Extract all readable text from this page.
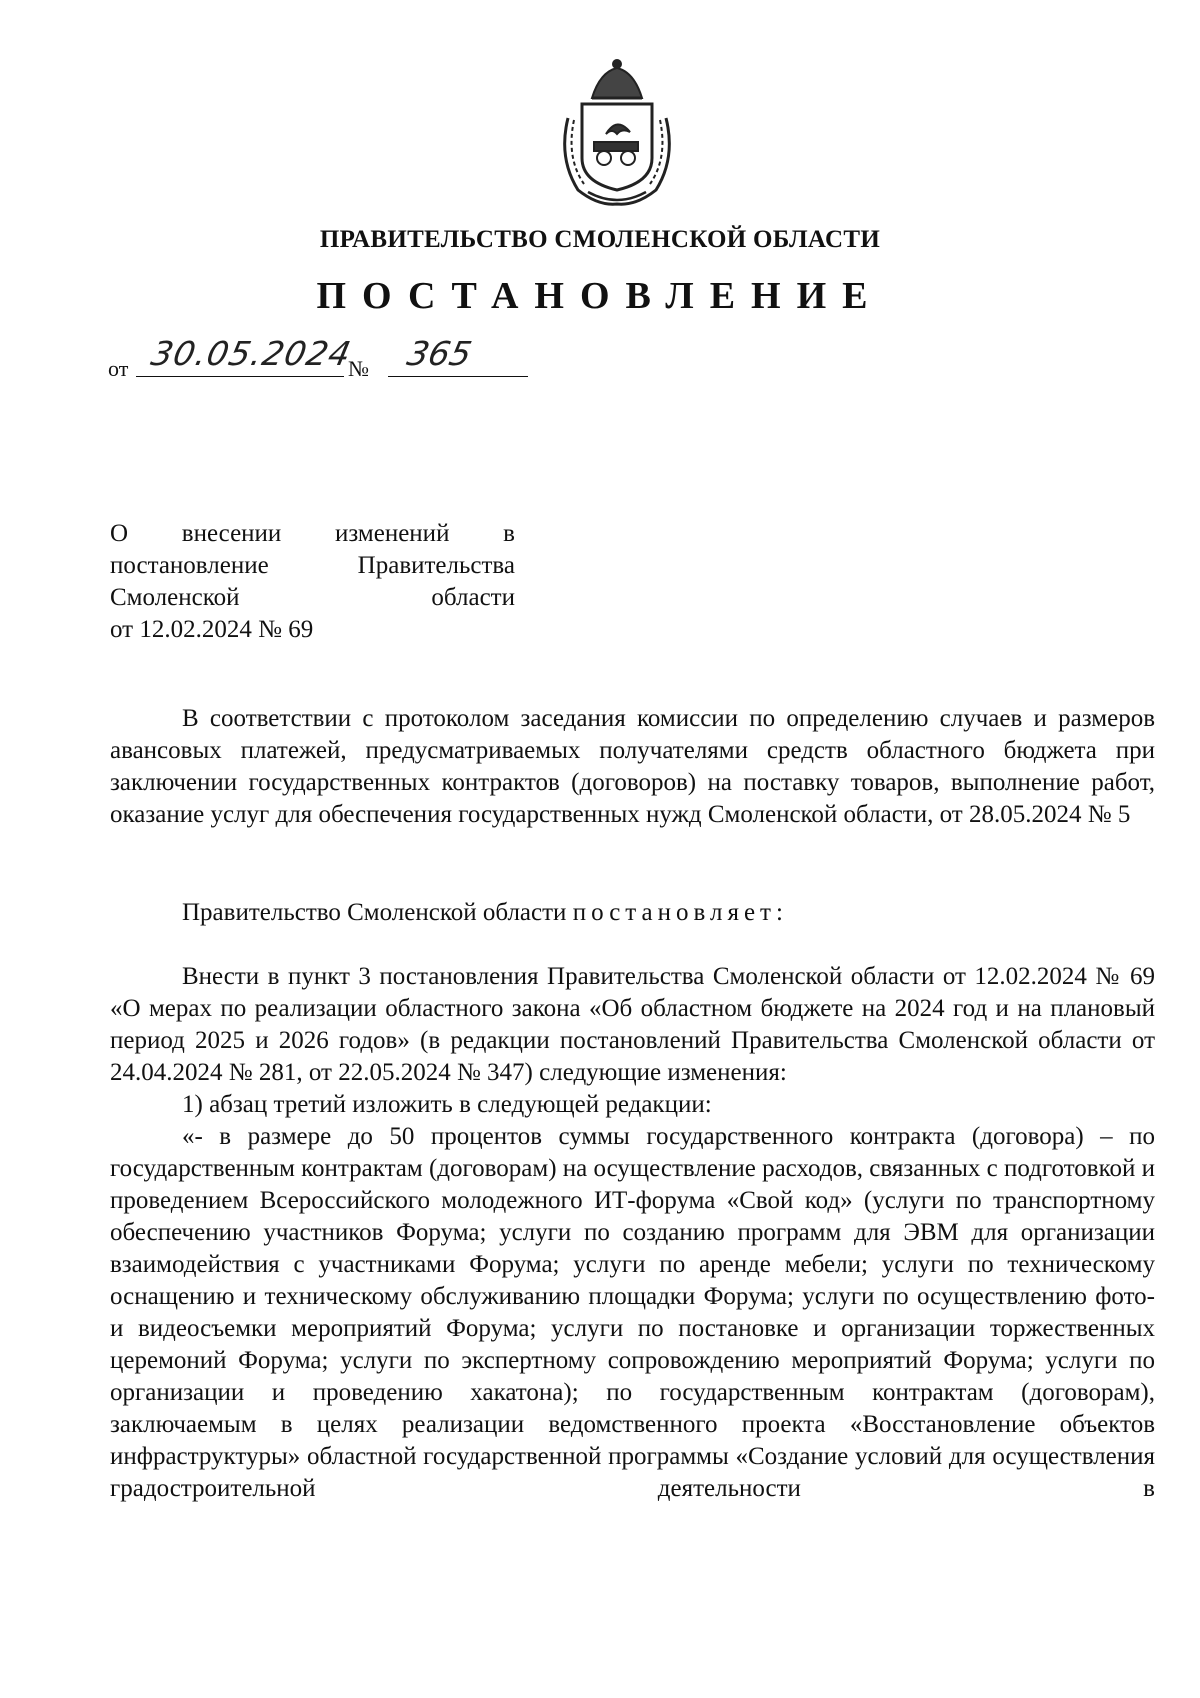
ПРАВИТЕЛЬСТВО СМОЛЕНСКОЙ ОБЛАСТИ
ПОСТАНОВЛЕНИЕ
от 30.05.2024
№ 365
О внесении изменений в
постановление	Правительства
Смоленской	области
от 12.02.2024 № 69

В соответствии с протоколом заседания комиссии по определению случаев и размеров авансовых платежей, предусматриваемых получателями средств областного бюджета при заключении государственных контрактов (договоров) на поставку товаров, выполнение работ, оказание услуг для обеспечения государственных нужд Смоленской области, от 28.05.2024 № 5

Правительство Смоленской области постановляет:

Внести в пункт 3 постановления Правительства Смоленской области от 12.02.2024 № 69 «О мерах по реализации областного закона «Об областном бюджете на 2024 год и на плановый период 2025 и 2026 годов» (в редакции постановлений Правительства Смоленской области от 24.04.2024 № 281, от 22.05.2024 № 347) следующие изменения:

1) абзац третий изложить в следующей редакции:

«- в размере до 50 процентов суммы государственного контракта (договора) – по государственным контрактам (договорам) на осуществление расходов, связанных с подготовкой и проведением Всероссийского молодежного ИТ-форума «Свой код» (услуги по транспортному обеспечению участников Форума; услуги по созданию программ для ЭВМ для организации взаимодействия с участниками Форума; услуги по аренде мебели; услуги по техническому оснащению и техническому обслуживанию площадки Форума; услуги по осуществлению фото- и видеосъемки мероприятий Форума; услуги по постановке и организации торжественных церемоний Форума; услуги по экспертному сопровождению мероприятий Форума; услуги по организации и проведению хакатона); по государственным контрактам (договорам), заключаемым в целях реализации ведомственного проекта «Восстановление объектов инфраструктуры» областной государственной программы «Создание условий для осуществления градостроительной деятельности в
